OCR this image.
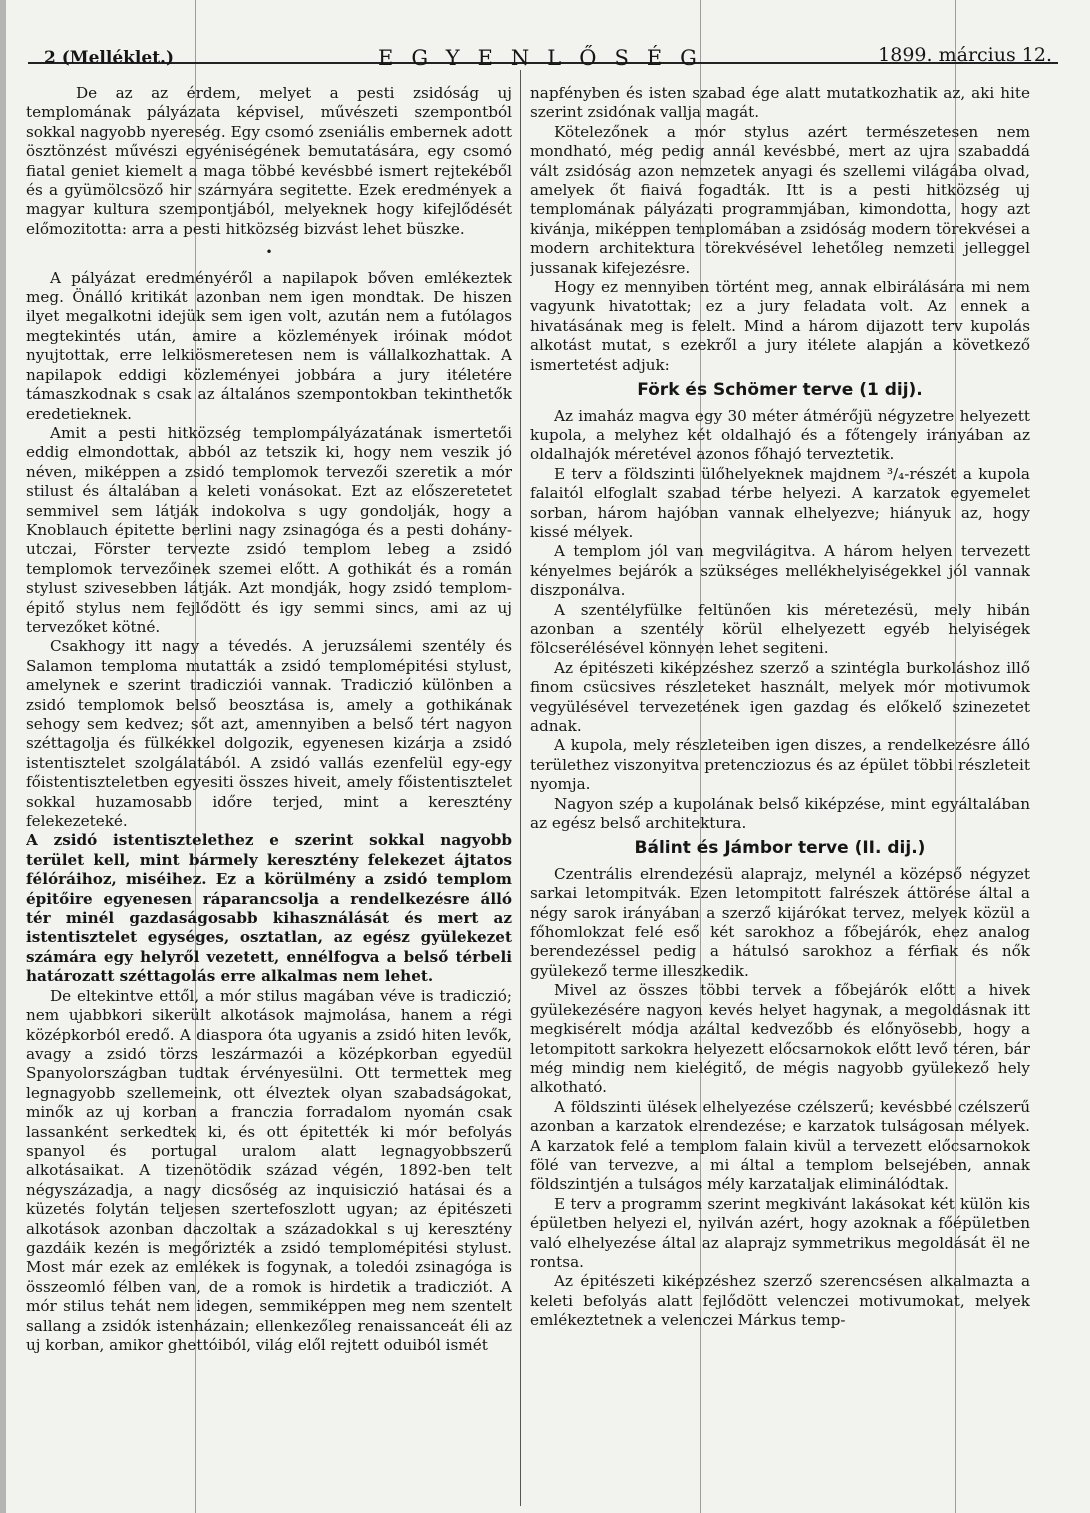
2 (Melléklet.)	EGYENLŐSÉG	1899. március 12.

De az az érdem, melyet a pesti zsidóság uj templomának pályázata képvisel, művészeti szempontból sokkal nagyobb nyereség. Egy csomó zseniális embernek adott ösztönzést művészi egyéniségének bemutatására, egy csomó fiatal geniet kiemelt a maga többé kevésbbé ismert rejtekéből és a gyümölcsöző hir szárnyára segitette. Ezek eredmények a magyar kultura szempontjából, melyeknek hogy kifejlődését előmozitotta: arra a pesti hitközség bizvást lehet büszke.

•

A pályázat eredményéről a napilapok bőven emlékeztek meg. Önálló kritikát azonban nem igen mondtak. De hiszen ilyet megalkotni idejük sem igen volt, azután nem a futólagos megtekintés után, amire a közlemények iróinak módot nyujtottak, erre lelkiösmeretesen nem is vállalkozhattak. A napilapok eddigi közleményei jobbára a jury itéletére támaszkodnak s csak az általános szempontokban tekinthetők eredetieknek.

Amit a pesti hitközség templompályázatának ismertetői eddig elmondottak, abból az tetszik ki, hogy nem veszik jó néven, miképpen a zsidó templomok tervezői szeretik a mór stilust és általában a keleti vonásokat. Ezt az előszeretetet semmivel sem látják indokolva s ugy gondolják, hogy a Knoblauch épitette berlini nagy zsinagóga és a pesti dohány-utczai, Förster tervezte zsidó templom lebeg a zsidó templomok tervezőinek szemei előtt. A gothikát és a román stylust szivesebben látják. Azt mondják, hogy zsidó templom-épitő stylus nem fejlődött és igy semmi sincs, ami az uj tervezőket kötné.

Csakhogy itt nagy a tévedés. A jeruzsálemi szentély és Salamon temploma mutatták a zsidó templomépitési stylust, amelynek e szerint tradicziói vannak. Tradiczió különben a zsidó templomok belső beosztása is, amely a gothikának sehogy sem kedvez; sőt azt, amennyiben a belső tért nagyon széttagolja és fülkékkel dolgozik, egyenesen kizárja a zsidó istentisztelet szolgálatából. A zsidó vallás ezenfelül egy-egy főistentiszteletben egyesiti összes hiveit, amely főistentisztelet sokkal huzamosabb időre terjed, mint a keresztény felekezeteké.

A zsidó istentisztelethez e szerint sokkal nagyobb terület kell, mint bármely keresztény felekezet ájtatos félóráihoz, miséihez. Ez a körülmény a zsidó templom épitőire egyenesen ráparancsolja a rendelkezésre álló tér minél gazdaságosabb kihasználását és mert az istentisztelet egységes, osztatlan, az egész gyülekezet számára egy helyről vezetett, ennélfogva a belső térbeli határozatt széttagolás erre alkalmas nem lehet.

De eltekintve ettől, a mór stilus magában véve is tradiczió; nem ujabbkori sikerült alkotások majmolása, hanem a régi középkorból eredő. A diaspora óta ugyanis a zsidó hiten levők, avagy a zsidó törzs leszármazói a középkorban egyedül Spanyolországban tudtak érvényesülni. Ott termettek meg legnagyobb szellemeink, ott élveztek olyan szabadságokat, minők az uj korban a franczia forradalom nyomán csak lassanként serkedtek ki, és ott épitették ki mór befolyás spanyol és portugal uralom alatt legnagyobbszerű alkotásaikat. A tizenötödik század végén, 1892-ben telt négyszázadja, a nagy dicsőség az inquisiczió hatásai és a küzetés folytán teljesen szertefoszlott ugyan; az épitészeti alkotások azonban daczoltak a századokkal s uj keresztény gazdáik kezén is megőrizték a zsidó templomépitési stylust. Most már ezek az emlékek is fogynak, a toledói zsinagóga is összeomló félben van, de a romok is hirdetik a tradicziót. A mór stilus tehát nem idegen, semmiképpen meg nem szentelt sallang a zsidók istenházain; ellenkezőleg renaissanceát éli az uj korban, amikor ghettóiból, világ elől rejtett oduiból ismét

napfényben és isten szabad ége alatt mutatkozhatik az, aki hite szerint zsidónak vallja magát.

Kötelezőnek a mór stylus azért természetesen nem mondható, még pedig annál kevésbbé, mert az ujra szabaddá vált zsidóság azon nemzetek anyagi és szellemi világába olvad, amelyek őt fiaivá fogadták. Itt is a pesti hitközség uj templomának pályázati programmjában, kimondotta, hogy azt kivánja, miképpen templomában a zsidóság modern törekvései a modern architektura törekvésével lehetőleg nemzeti jelleggel jussanak kifejezésre.

Hogy ez mennyiben történt meg, annak elbirálására mi nem vagyunk hivatottak; ez a jury feladata volt. Az ennek a hivatásának meg is felelt. Mind a három dijazott terv kupolás alkotást mutat, s ezekről a jury itélete alapján a következő ismertetést adjuk:

Förk és Schömer terve (1 dij).

Az imaház magva egy 30 méter átmérőjü négyzetre helyezett kupola, a melyhez két oldalhajó és a főtengely irányában az oldalhajók méretével azonos főhajó terveztetik.

E terv a földszinti ülőhelyeknek majdnem ³/₄-részét a kupola falaitól elfoglalt szabad térbe helyezi. A karzatok egyemelet sorban, három hajóban vannak elhelyezve; hiányuk az, hogy kissé mélyek.

A templom jól van megvilágitva. A három helyen tervezett kényelmes bejárók a szükséges mellékhelyiségekkel jól vannak diszponálva.

A szentélyfülke feltünően kis méretezésü, mely hibán azonban a szentély körül elhelyezett egyéb helyiségek fölcserélésével könnyen lehet segiteni.

Az épitészeti kiképzéshez szerző a szintégla burkoláshoz illő finom csücsives részleteket használt, melyek mór motivumok vegyülésével tervezetének igen gazdag és előkelő szinezetet adnak.

A kupola, mely részleteiben igen diszes, a rendelkezésre álló területhez viszonyitva pretencziozus és az épület többi részleteit nyomja.

Nagyon szép a kupolának belső kiképzése, mint egyáltalában az egész belső architektura.

Bálint és Jámbor terve (II. dij.)

Czentrális elrendezésü alaprajz, melynél a középső négyzet sarkai letompitvák. Ezen letompitott falrészek áttörése által a négy sarok irányában a szerző kijárókat tervez, melyek közül a főhomlokzat felé eső két sarokhoz a főbejárók, ehez analog berendezéssel pedig a hátulsó sarokhoz a férfiak és nők gyülekező terme illeszkedik.

Mivel az összes többi tervek a főbejárók előtt a hivek gyülekezésére nagyon kevés helyet hagynak, a megoldásnak itt megkisérelt módja azáltal kedvezőbb és előnyösebb, hogy a letompitott sarkokra helyezett előcsarnokok előtt levő téren, bár még mindig nem kielégitő, de mégis nagyobb gyülekező hely alkotható.

A földszinti ülések elhelyezése czélszerű; kevésbbé czélszerű azonban a karzatok elrendezése; e karzatok tulságosan mélyek. A karzatok felé a templom falain kivül a tervezett előcsarnokok fölé van tervezve, a mi által a templom belsejében, annak földszintjén a tulságos mély karzataljak eliminálódtak.

E terv a programm szerint megkivánt lakásokat két külön kis épületben helyezi el, nyilván azért, hogy azoknak a főépületben való elhelyezése által az alaprajz symmetrikus megoldását ël ne rontsa.

Az épitészeti kiképzéshez szerző szerencsésen alkalmazta a keleti befolyás alatt fejlődött velenczei motivumokat, melyek emlékeztetnek a velenczei Márkus temp-
